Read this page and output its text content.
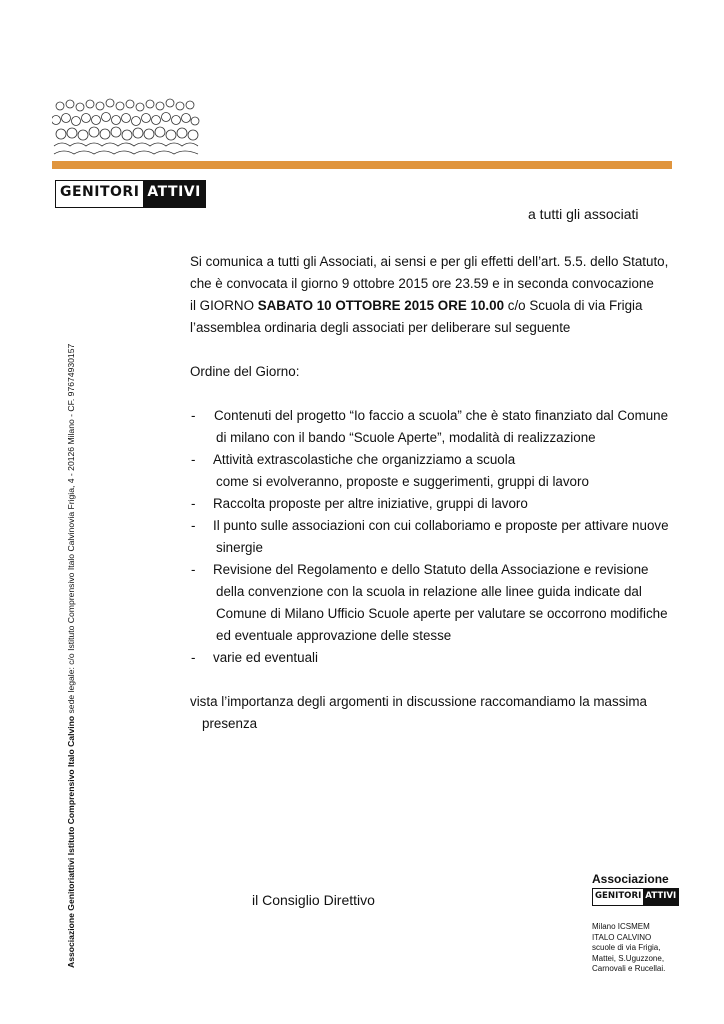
GENITORI ATTIVI
a tutti gli associati
Si comunica a tutti gli Associati, ai sensi e per gli effetti dell’art. 5.5. dello Statuto,
che è convocata il giorno 9 ottobre 2015 ore 23.59 e in seconda convocazione
il GIORNO SABATO 10 OTTOBRE 2015 ORE 10.00 c/o Scuola di via Frigia
l’assemblea ordinaria degli associati per deliberare sul seguente
Ordine del Giorno:
- Contenuti del progetto “Io faccio a scuola” che è stato finanziato dal Comune
di milano con il bando “Scuole Aperte”, modalità di realizzazione
- Attività extrascolastiche che organizziamo a scuola
come si evolveranno, proposte e suggerimenti, gruppi di lavoro
- Raccolta proposte per altre iniziative, gruppi di lavoro
- Il punto sulle associazioni con cui collaboriamo e proposte per attivare nuove
sinergie
- Revisione del Regolamento e dello Statuto della Associazione e revisione
della convenzione con la scuola in relazione alle linee guida indicate dal
Comune di Milano Ufficio Scuole aperte per valutare se occorrono modifiche
ed eventuale approvazione delle stesse
- varie ed eventuali
vista l’importanza degli argomenti in discussione raccomandiamo la massima
presenza
Associazione Genitoriattivi Istituto Comprensivo Italo Calvino sede legale: c/o Istituto Comprensivo Italo Calvinovia Frigia, 4 - 20126 Milano - CF. 97674930157
il Consiglio Direttivo
Associazione
GENITORI ATTIVI
Milano ICSMEM
ITALO CALVINO
scuole di via Frigia,
Mattei, S.Uguzzone,
Carnovali e Rucellai.
